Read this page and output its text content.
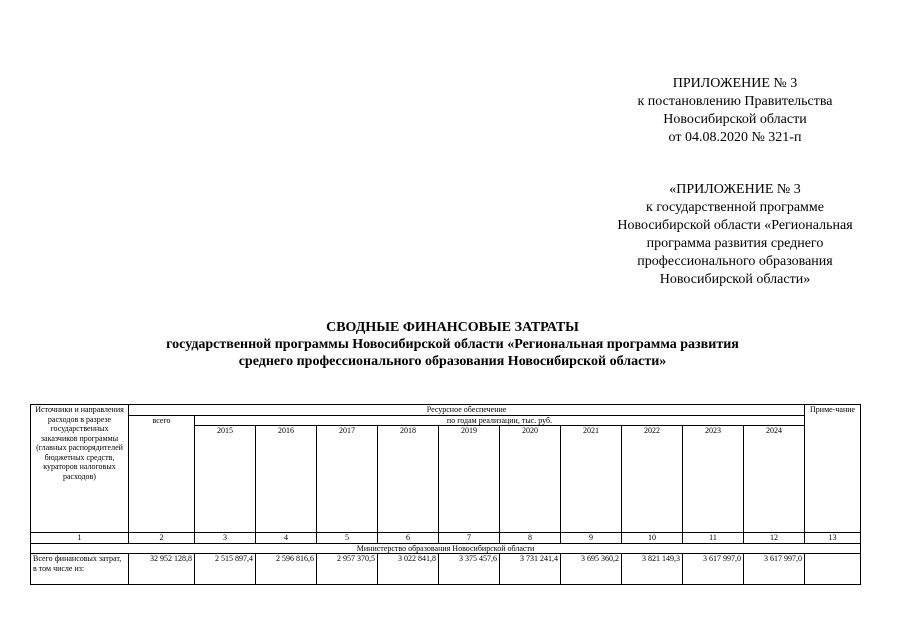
ПРИЛОЖЕНИЕ № 3
к постановлению Правительства
Новосибирской области
от 04.08.2020 № 321-п
«ПРИЛОЖЕНИЕ № 3
к государственной программе
Новосибирской области «Региональная
программа развития среднего
профессионального образования
Новосибирской области»
СВОДНЫЕ ФИНАНСОВЫЕ ЗАТРАТЫ
государственной программы Новосибирской области «Региональная программа развития
среднего профессионального образования Новосибирской области»
Источники и направления расходов в разрезе государственных заказчиков программы (главных распорядителей бюджетных средств, кураторов налоговых расходов)	Ресурсное обеспечение											Приме-чание
	всего	по годам реализации, тыс. руб.										
		2015	2016	2017	2018	2019	2020	2021	2022	2023	2024	
1	2	3	4	5	6	7	8	9	10	11	12	13
Министерство образования Новосибирской области												
Всего финансовых затрат, в том числе из:	32 952 128,8	2 515 897,4	2 596 816,6	2 957 370,5	3 022 841,8	3 375 457,6	3 731 241,4	3 695 360,2	3 821 149,3	3 617 997,0	3 617 997,0	
